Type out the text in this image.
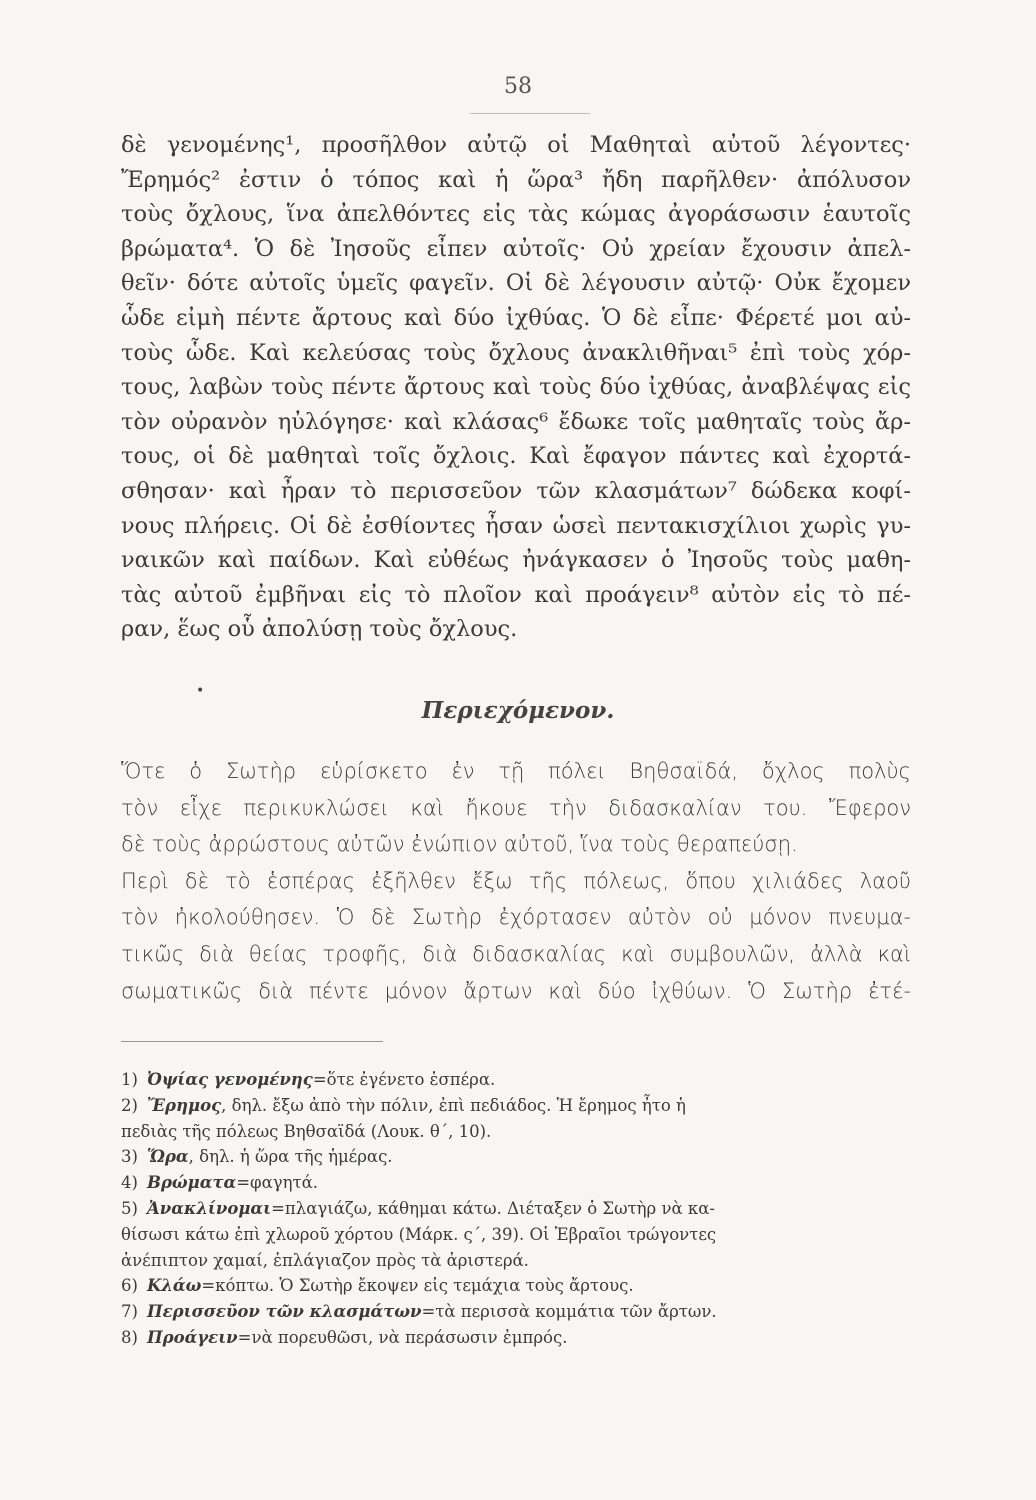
58
δὲ γενομένης¹, προσῆλθον αὐτῷ οἱ Μαθηταὶ αὐτοῦ λέγοντες·
Ἔρημός² ἐστιν ὁ τόπος καὶ ἡ ὥρα³ ἤδη παρῆλθεν· ἀπόλυσον
τοὺς ὄχλους, ἵνα ἀπελθόντες εἰς τὰς κώμας ἀγοράσωσιν ἑαυτοῖς
βρώματα⁴. Ὁ δὲ Ἰησοῦς εἶπεν αὐτοῖς· Οὐ χρείαν ἔχουσιν ἀπελ-
θεῖν· δότε αὐτοῖς ὑμεῖς φαγεῖν. Οἱ δὲ λέγουσιν αὐτῷ· Οὐκ ἔχομεν
ὧδε εἰμὴ πέντε ἄρτους καὶ δύο ἰχθύας. Ὁ δὲ εἶπε· Φέρετέ μοι αὐ-
τοὺς ὧδε. Καὶ κελεύσας τοὺς ὄχλους ἀνακλιθῆναι⁵ ἐπὶ τοὺς χόρ-
τους, λαβὼν τοὺς πέντε ἄρτους καὶ τοὺς δύο ἰχθύας, ἀναβλέψας εἰς
τὸν οὐρανὸν ηὐλόγησε· καὶ κλάσας⁶ ἔδωκε τοῖς μαθηταῖς τοὺς ἄρ-
τους, οἱ δὲ μαθηταὶ τοῖς ὄχλοις. Καὶ ἔφαγον πάντες καὶ ἐχορτά-
σθησαν· καὶ ἦραν τὸ περισσεῦον τῶν κλασμάτων⁷ δώδεκα κοφί-
νους πλήρεις. Οἱ δὲ ἐσθίοντες ἦσαν ὡσεὶ πεντακισχίλιοι χωρὶς γυ-
ναικῶν καὶ παίδων. Καὶ εὐθέως ἠνάγκασεν ὁ Ἰησοῦς τοὺς μαθη-
τὰς αὐτοῦ ἐμβῆναι εἰς τὸ πλοῖον καὶ προάγειν⁸ αὐτὸν εἰς τὸ πέ-
ραν, ἕως οὗ ἀπολύσῃ τοὺς ὄχλους.
•
Περιεχόμενον.
Ὅτε ὁ Σωτὴρ εὑρίσκετο ἐν τῇ πόλει Βηθσαϊδά, ὄχλος πολὺς
τὸν εἶχε περικυκλώσει καὶ ἤκουε τὴν διδασκαλίαν του. Ἔφερον
δὲ τοὺς ἀρρώστους αὐτῶν ἐνώπιον αὐτοῦ, ἵνα τοὺς θεραπεύσῃ.
Περὶ δὲ τὸ ἑσπέρας ἐξῆλθεν ἔξω τῆς πόλεως, ὅπου χιλιάδες λαοῦ
τὸν ἠκολούθησεν. Ὁ δὲ Σωτὴρ ἐχόρτασεν αὐτὸν οὐ μόνον πνευμα-
τικῶς διὰ θείας τροφῆς, διὰ διδασκαλίας καὶ συμβουλῶν, ἀλλὰ καὶ
σωματικῶς διὰ πέντε μόνον ἄρτων καὶ δύο ἰχθύων. Ὁ Σωτὴρ ἐτέ-
1) Ὀψίας γενομένης=ὅτε ἐγένετο ἑσπέρα.
2) Ἔρημος, δηλ. ἔξω ἀπὸ τὴν πόλιν, ἐπὶ πεδιάδος. Ἡ ἔρημος ἦτο ἡ
πεδιὰς τῆς πόλεως Βηθσαϊδά (Λουκ. θ΄, 10).
3) Ὥρα, δηλ. ἡ ὥρα τῆς ἡμέρας.
4) Βρώματα=φαγητά.
5) Ἀνακλίνομαι=πλαγιάζω, κάθημαι κάτω. Διέταξεν ὁ Σωτὴρ νὰ κα-
θίσωσι κάτω ἐπὶ χλωροῦ χόρτου (Μάρκ. ς΄, 39). Οἱ Ἑβραῖοι τρώγοντες
ἀνέπιπτον χαμαί, ἐπλάγιαζον πρὸς τὰ ἀριστερά.
6) Κλάω=κόπτω. Ὁ Σωτὴρ ἔκοψεν εἰς τεμάχια τοὺς ἄρτους.
7) Περισσεῦον τῶν κλασμάτων=τὰ περισσὰ κομμάτια τῶν ἄρτων.
8) Προάγειν=νὰ πορευθῶσι, νὰ περάσωσιν ἐμπρός.
